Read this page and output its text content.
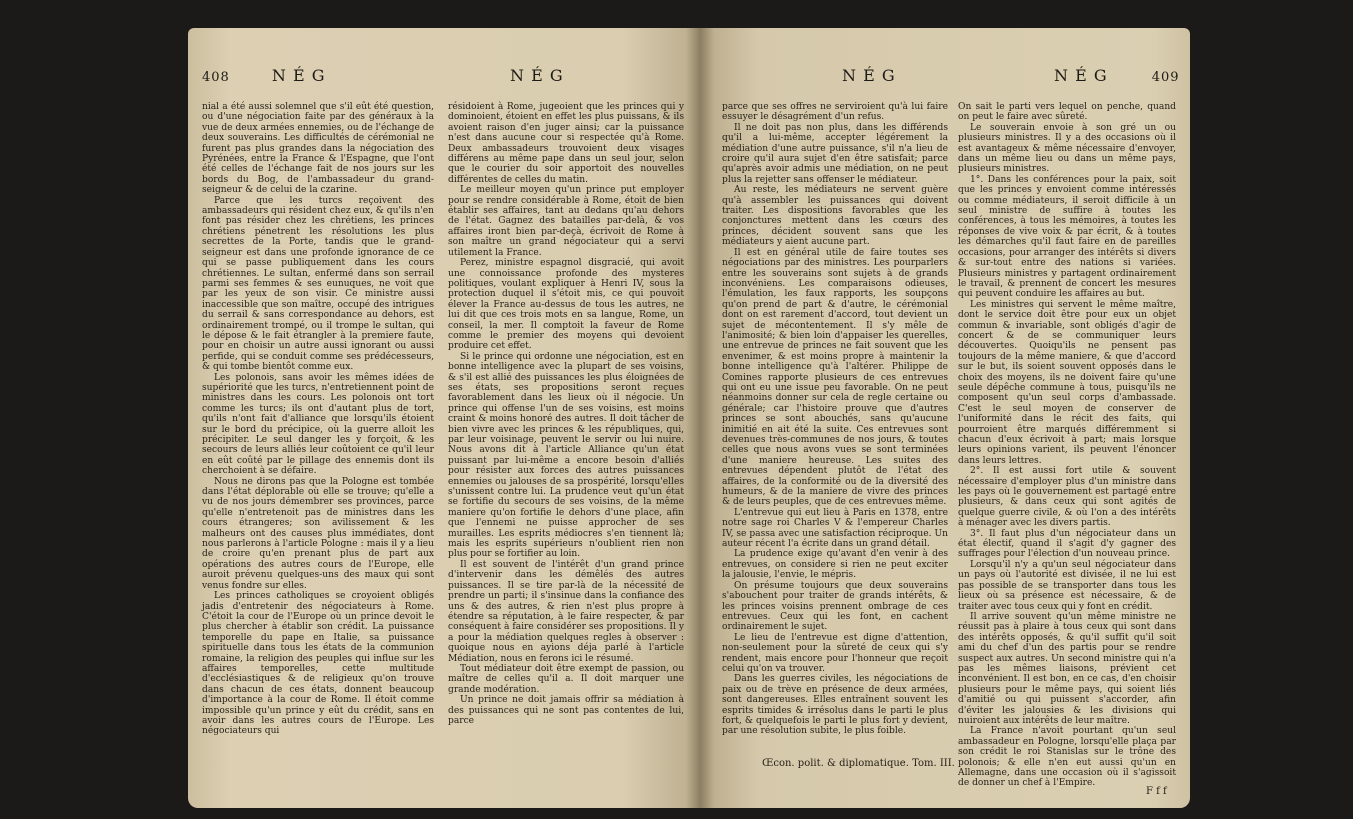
408	N É G	N É G

nial a été aussi solemnel que s'il eût été question, ou d'une négociation faite par des généraux à la vue de deux armées ennemies, ou de l'échange de deux souverains. Les difficultés de cérémonial ne furent pas plus grandes dans la négociation des Pyrénées, entre la France & l'Espagne, que l'ont été celles de l'échange fait de nos jours sur les bords du Bog, de l'ambassadeur du grand-seigneur & de celui de la czarine.

Parce que les turcs reçoivent des ambassadeurs qui résident chez eux, & qu'ils n'en font pas résider chez les chrétiens, les princes chrétiens pénetrent les résolutions les plus secrettes de la Porte, tandis que le grand-seigneur est dans une profonde ignorance de ce qui se passe publiquement dans les cours chrétiennes. Le sultan, enfermé dans son serrail parmi ses femmes & ses eunuques, ne voit que par les yeux de son visir. Ce ministre aussi inaccessible que son maître, occupé des intrigues du serrail & sans correspondance au dehors, est ordinairement trompé, ou il trompe le sultan, qui le dépose & le fait étrangler à la premiere faute, pour en choisir un autre aussi ignorant ou aussi perfide, qui se conduit comme ses prédécesseurs, & qui tombe bientôt comme eux.

Les polonois, sans avoir les mêmes idées de supériorité que les turcs, n'entretiennent point de ministres dans les cours. Les polonois ont tort comme les turcs; ils ont d'autant plus de tort, qu'ils n'ont fait d'alliance que lorsqu'ils étoient sur le bord du précipice, où la guerre alloit les précipiter. Le seul danger les y forçoit, & les secours de leurs alliés leur coûtoient ce qu'il leur en eût coûté par le pillage des ennemis dont ils cherchoient à se défaire.

Nous ne dirons pas que la Pologne est tombée dans l'état déplorable où elle se trouve; qu'elle a vu de nos jours démembrer ses provinces, parce qu'elle n'entretenoit pas de ministres dans les cours étrangeres; son avilissement & les malheurs ont des causes plus immédiates, dont nous parlerons à l'article Pologne : mais il y a lieu de croire qu'en prenant plus de part aux opérations des autres cours de l'Europe, elle auroit prévenu quelques-uns des maux qui sont venus fondre sur elles.

Les princes catholiques se croyoient obligés jadis d'entretenir des négociateurs à Rome. C'étoit la cour de l'Europe où un prince devoit le plus chercher à établir son crédit. La puissance temporelle du pape en Italie, sa puissance spirituelle dans tous les états de la communion romaine, la religion des peuples qui influe sur les affaires temporelles, cette multitude d'ecclésiastiques & de religieux qu'on trouve dans chacun de ces états, donnent beaucoup d'importance à la cour de Rome. Il étoit comme impossible qu'un prince y eût du crédit, sans en avoir dans les autres cours de l'Europe. Les négociateurs qui

résidoient à Rome, jugeoient que les princes qui y dominoient, étoient en effet les plus puissans, & ils avoient raison d'en juger ainsi; car la puissance n'est dans aucune cour si respectée qu'à Rome. Deux ambassadeurs trouvoient deux visages différens au même pape dans un seul jour, selon que le courier du soir apportoit des nouvelles différentes de celles du matin.

Le meilleur moyen qu'un prince put employer pour se rendre considérable à Rome, étoit de bien établir ses affaires, tant au dedans qu'au dehors de l'état. Gagnez des batailles par-delà, & vos affaires iront bien par-deçà, écrivoit de Rome à son maître un grand négociateur qui a servi utilement la France.

Perez, ministre espagnol disgracié, qui avoit une connoissance profonde des mysteres politiques, voulant expliquer à Henri IV, sous la protection duquel il s'étoit mis, ce qui pouvoit élever la France au-dessus de tous les autres, ne lui dit que ces trois mots en sa langue, Rome, un conseil, la mer. Il comptoit la faveur de Rome comme le premier des moyens qui devoient produire cet effet.

Si le prince qui ordonne une négociation, est en bonne intelligence avec la plupart de ses voisins, & s'il est allié des puissances les plus éloignées de ses états, ses propositions seront reçues favorablement dans les lieux où il négocie. Un prince qui offense l'un de ses voisins, est moins craint & moins honoré des autres. Il doit tâcher de bien vivre avec les princes & les républiques, qui, par leur voisinage, peuvent le servir ou lui nuire. Nous avons dit à l'article Alliance qu'un état puissant par lui-même a encore besoin d'alliés pour résister aux forces des autres puissances ennemies ou jalouses de sa prospérité, lorsqu'elles s'unissent contre lui. La prudence veut qu'un état se fortifie du secours de ses voisins, de la même maniere qu'on fortifie le dehors d'une place, afin que l'ennemi ne puisse approcher de ses murailles. Les esprits médiocres s'en tiennent là; mais les esprits supérieurs n'oublient rien non plus pour se fortifier au loin.

Il est souvent de l'intérêt d'un grand prince d'intervenir dans les démêlés des autres puissances. Il se tire par-là de la nécessité de prendre un parti; il s'insinue dans la confiance des uns & des autres, & rien n'est plus propre à étendre sa réputation, à le faire respecter, & par conséquent à faire considérer ses propositions. Il y a pour la médiation quelques regles à observer : quoique nous en ayions déja parlé à l'article Médiation, nous en ferons ici le résumé.

Tout médiateur doit être exempt de passion, ou maître de celles qu'il a. Il doit marquer une grande modération.

Un prince ne doit jamais offrir sa médiation à des puissances qui ne sont pas contentes de lui, parce

N É G	N É G	409

parce que ses offres ne serviroient qu'à lui faire essuyer le désagrément d'un refus.

Il ne doit pas non plus, dans les différends qu'il a lui-même, accepter légérement la médiation d'une autre puissance, s'il n'a lieu de croire qu'il aura sujet d'en être satisfait; parce qu'après avoir admis une médiation, on ne peut plus la rejetter sans offenser le médiateur.

Au reste, les médiateurs ne servent guère qu'à assembler les puissances qui doivent traiter. Les dispositions favorables que les conjonctures mettent dans les cœurs des princes, décident souvent sans que les médiateurs y aient aucune part.

Il est en général utile de faire toutes ses négociations par des ministres. Les pourparlers entre les souverains sont sujets à de grands inconvéniens. Les comparaisons odieuses, l'émulation, les faux rapports, les soupçons qu'on prend de part & d'autre, le cérémonial dont on est rarement d'accord, tout devient un sujet de mécontentement. Il s'y mêle de l'animosité; & bien loin d'appaiser les querelles, une entrevue de princes ne fait souvent que les envenimer, & est moins propre à maintenir la bonne intelligence qu'à l'altérer. Philippe de Comines rapporte plusieurs de ces entrevues qui ont eu une issue peu favorable. On ne peut néanmoins donner sur cela de regle certaine ou générale; car l'histoire prouve que d'autres princes se sont abouchés, sans qu'aucune inimitié en ait été la suite. Ces entrevues sont devenues très-communes de nos jours, & toutes celles que nous avons vues se sont terminées d'une maniere heureuse. Les suites des entrevues dépendent plutôt de l'état des affaires, de la conformité ou de la diversité des humeurs, & de la maniere de vivre des princes & de leurs peuples, que de ces entrevues même.

L'entrevue qui eut lieu à Paris en 1378, entre notre sage roi Charles V & l'empereur Charles IV, se passa avec une satisfaction réciproque. Un auteur récent l'a écrite dans un grand détail.

La prudence exige qu'avant d'en venir à des entrevues, on considere si rien ne peut exciter la jalousie, l'envie, le mépris.

On présume toujours que deux souverains s'abouchent pour traiter de grands intérêts, & les princes voisins prennent ombrage de ces entrevues. Ceux qui les font, en cachent ordinairement le sujet.

Le lieu de l'entrevue est digne d'attention, non-seulement pour la sûreté de ceux qui s'y rendent, mais encore pour l'honneur que reçoit celui qu'on va trouver.

Dans les guerres civiles, les négociations de paix ou de trève en présence de deux armées, sont dangereuses. Elles entraînent souvent les esprits timides & irrésolus dans le parti le plus fort, & quelquefois le parti le plus fort y devient, par une résolution subite, le plus foible.

Œcon. polit. & diplomatique. Tom. III.

On sait le parti vers lequel on penche, quand on peut le faire avec sûreté.

Le souverain envoie à son gré un ou plusieurs ministres. Il y a des occasions où il est avantageux & même nécessaire d'envoyer, dans un même lieu ou dans un même pays, plusieurs ministres.

1°. Dans les conférences pour la paix, soit que les princes y envoient comme intéressés ou comme médiateurs, il seroit difficile à un seul ministre de suffire à toutes les conférences, à tous les mémoires, à toutes les réponses de vive voix & par écrit, & à toutes les démarches qu'il faut faire en de pareilles occasions, pour arranger des intérêts si divers & sur-tout entre des nations si variées. Plusieurs ministres y partagent ordinairement le travail, & prennent de concert les mesures qui peuvent conduire les affaires au but.

Les ministres qui servent le même maître, dont le service doit être pour eux un objet commun & invariable, sont obligés d'agir de concert & de se communiquer leurs découvertes. Quoiqu'ils ne pensent pas toujours de la même maniere, & que d'accord sur le but, ils soient souvent opposés dans le choix des moyens, ils ne doivent faire qu'une seule dépêche commune à tous, puisqu'ils ne composent qu'un seul corps d'ambassade. C'est le seul moyen de conserver de l'uniformité dans le récit des faits, qui pourroient être marqués différemment si chacun d'eux écrivoit à part; mais lorsque leurs opinions varient, ils peuvent l'énoncer dans leurs lettres.

2°. Il est aussi fort utile & souvent nécessaire d'employer plus d'un ministre dans les pays où le gouvernement est partagé entre plusieurs, & dans ceux qui sont agités de quelque guerre civile, & où l'on a des intérêts à ménager avec les divers partis.

3°. Il faut plus d'un négociateur dans un état électif, quand il s'agit d'y gagner des suffrages pour l'élection d'un nouveau prince.

Lorsqu'il n'y a qu'un seul négociateur dans un pays où l'autorité est divisée, il ne lui est pas possible de se transporter dans tous les lieux où sa présence est nécessaire, & de traiter avec tous ceux qui y font en crédit.

Il arrive souvent qu'un même ministre ne réussit pas à plaire à tous ceux qui sont dans des intérêts opposés, & qu'il suffit qu'il soit ami du chef d'un des partis pour se rendre suspect aux autres. Un second ministre qui n'a pas les mêmes liaisons, prévient cet inconvénient. Il est bon, en ce cas, d'en choisir plusieurs pour le même pays, qui soient liés d'amitié ou qui puissent s'accorder, afin d'éviter les jalousies & les divisions qui nuiroient aux intérêts de leur maître.

La France n'avoit pourtant qu'un seul ambassadeur en Pologne, lorsqu'elle plaça par son crédit le roi Stanislas sur le trône des polonois; & elle n'en eut aussi qu'un en Allemagne, dans une occasion où il s'agissoit de donner un chef à l'Empire.

F f f
